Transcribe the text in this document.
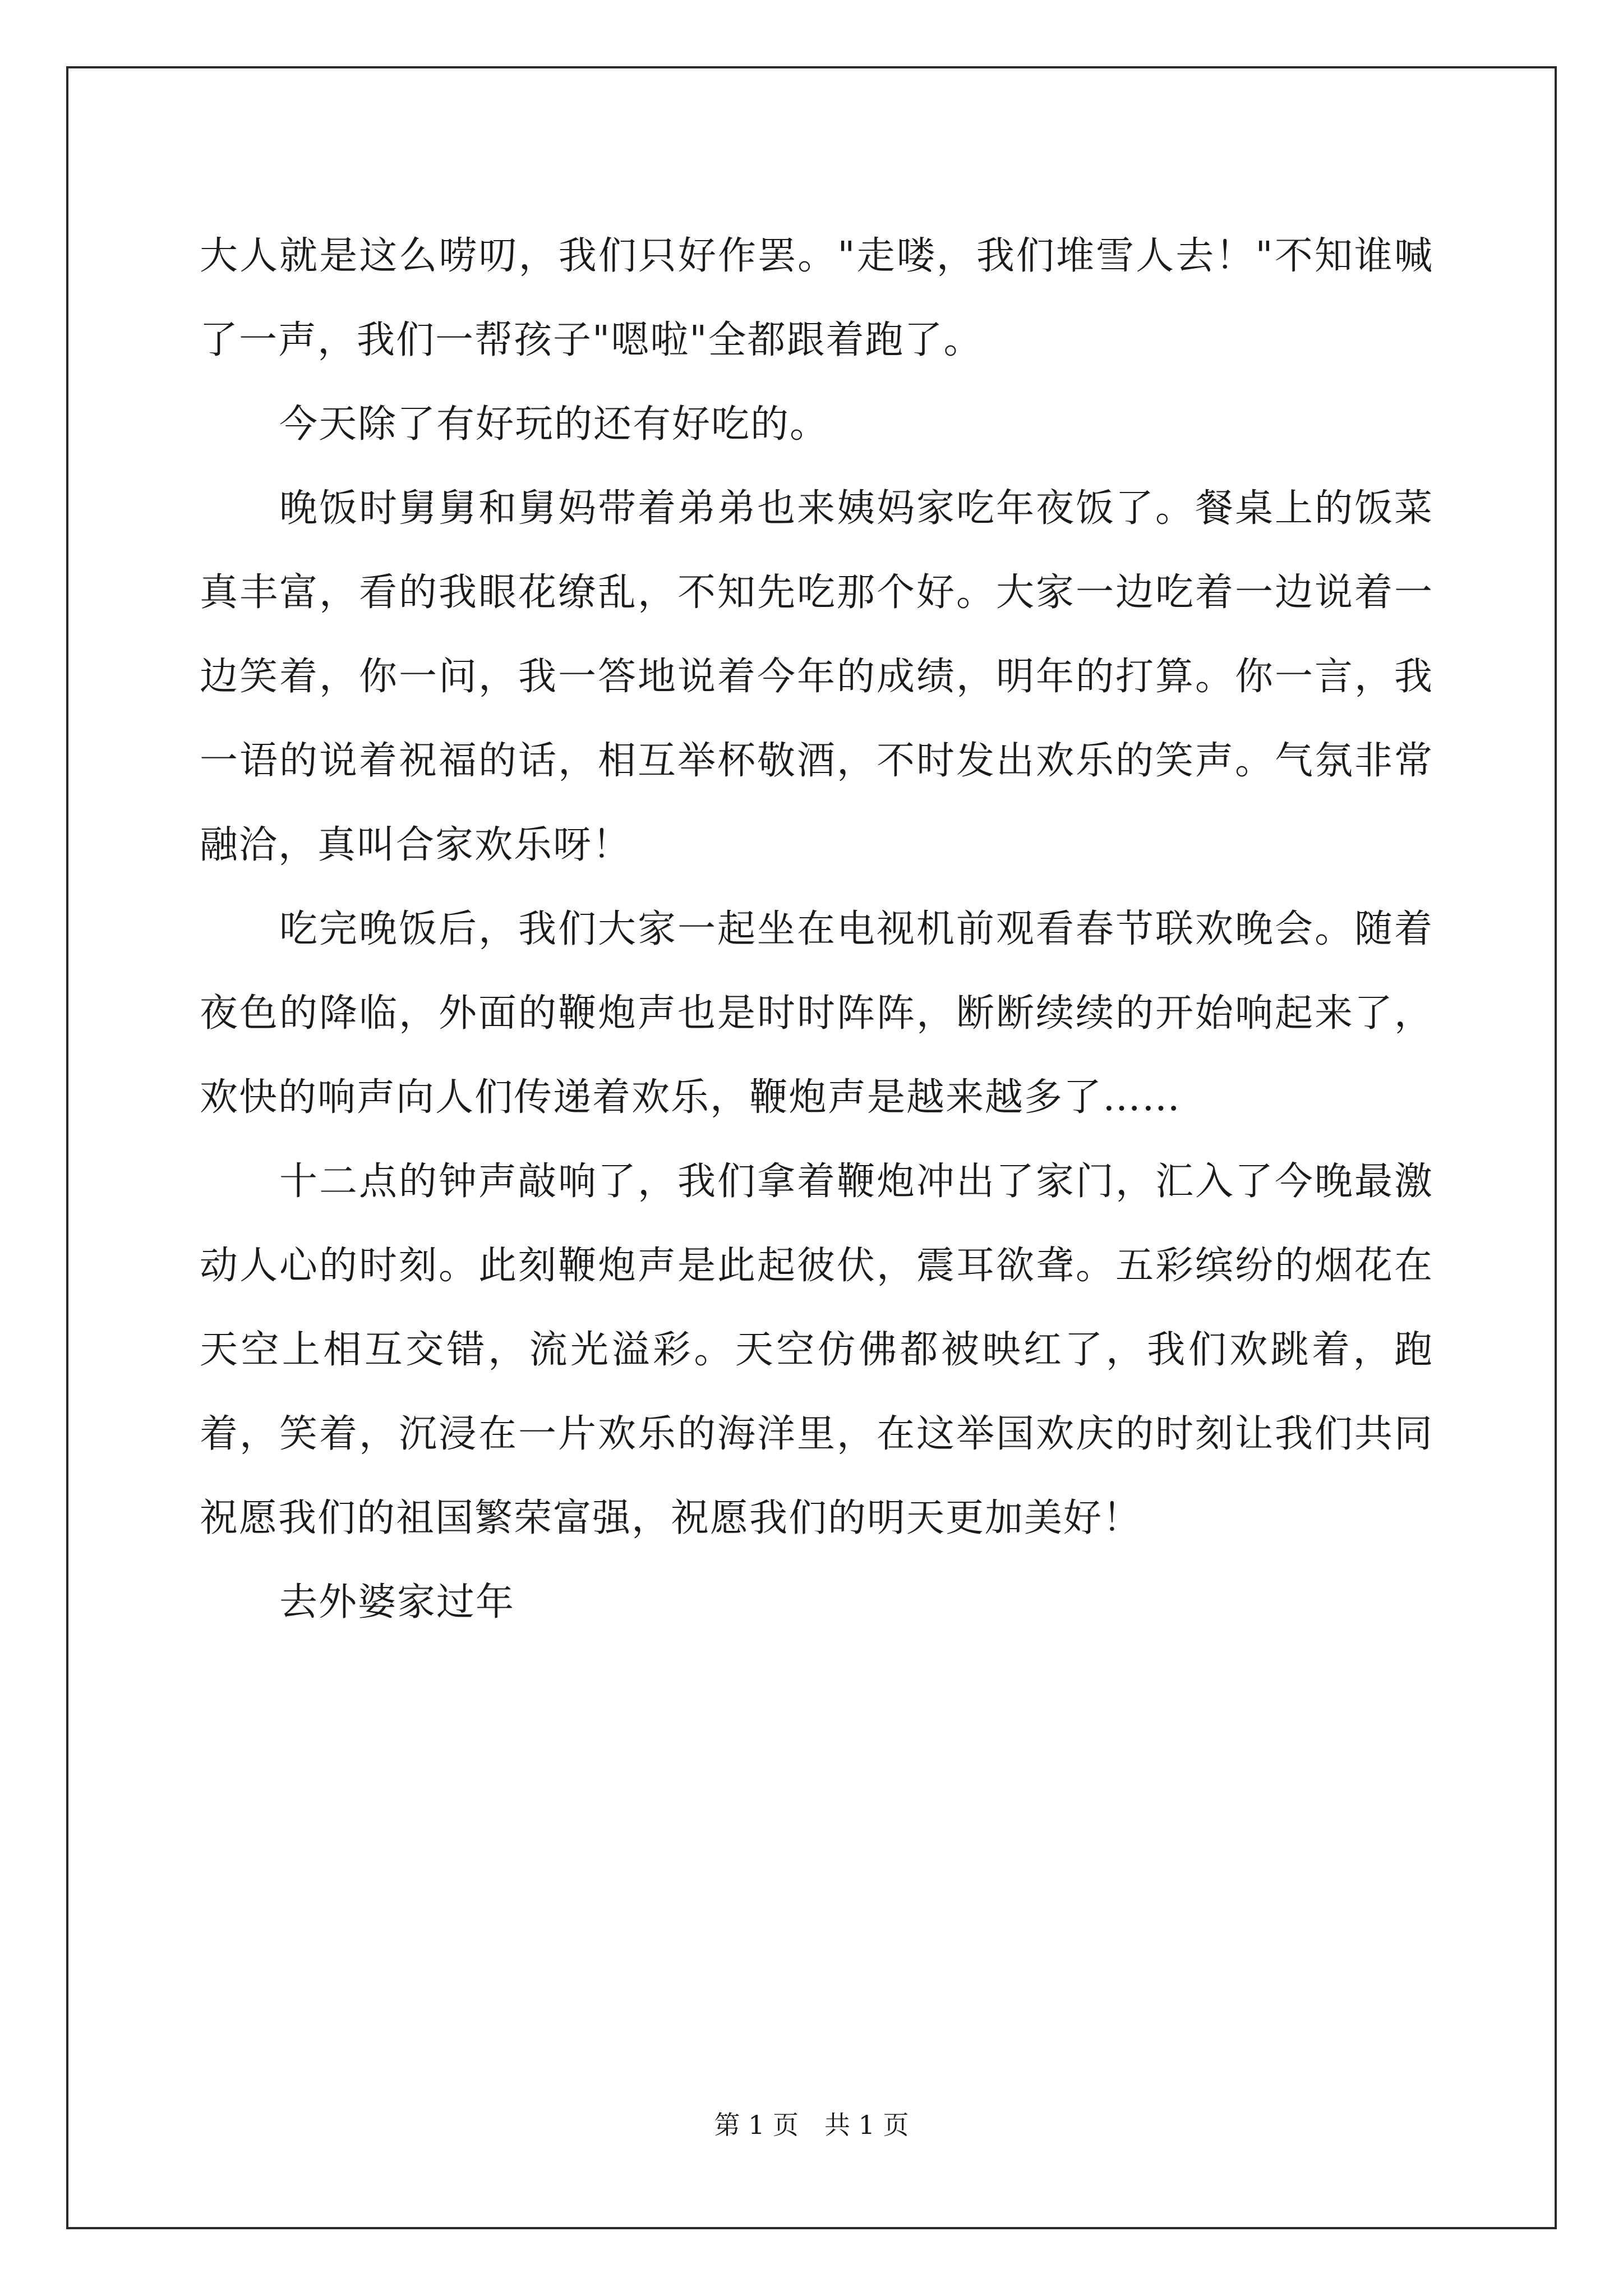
大人就是这么唠叨，我们只好作罢。"走喽，我们堆雪人去！"不知谁喊了一声，我们一帮孩子"嗯啦"全都跟着跑了。

今天除了有好玩的还有好吃的。

晚饭时舅舅和舅妈带着弟弟也来姨妈家吃年夜饭了。餐桌上的饭菜真丰富，看的我眼花缭乱，不知先吃那个好。大家一边吃着一边说着一边笑着，你一问，我一答地说着今年的成绩，明年的打算。你一言，我一语的说着祝福的话，相互举杯敬酒，不时发出欢乐的笑声。气氛非常融洽，真叫合家欢乐呀！

吃完晚饭后，我们大家一起坐在电视机前观看春节联欢晚会。随着夜色的降临，外面的鞭炮声也是时时阵阵，断断续续的开始响起来了，欢快的响声向人们传递着欢乐，鞭炮声是越来越多了……

十二点的钟声敲响了，我们拿着鞭炮冲出了家门，汇入了今晚最激动人心的时刻。此刻鞭炮声是此起彼伏，震耳欲聋。五彩缤纷的烟花在天空上相互交错，流光溢彩。天空仿佛都被映红了，我们欢跳着，跑着，笑着，沉浸在一片欢乐的海洋里，在这举国欢庆的时刻让我们共同祝愿我们的祖国繁荣富强，祝愿我们的明天更加美好！

去外婆家过年

第 1 页 共 1 页
